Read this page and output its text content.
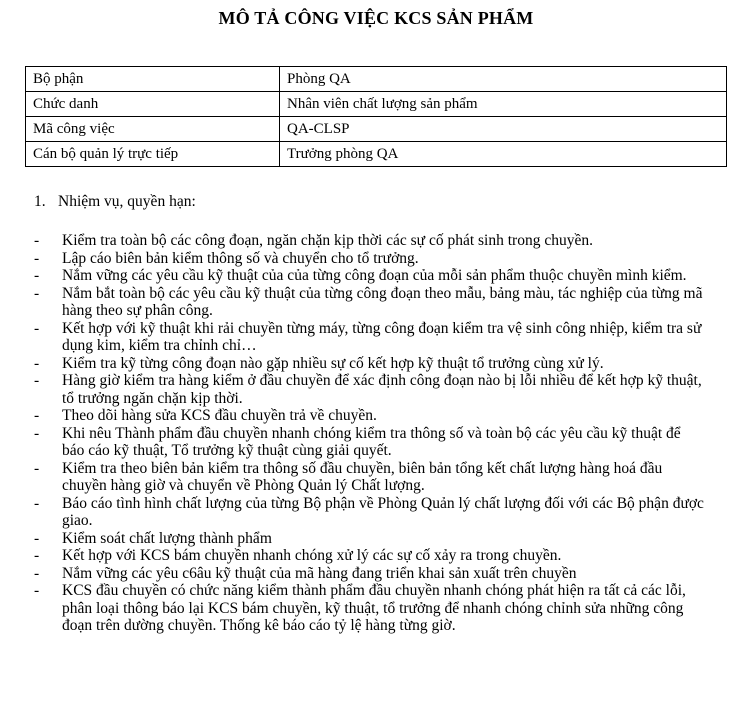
MÔ TẢ CÔNG VIỆC KCS SẢN PHẨM
Bộ phận	Phòng QA
Chức danh	Nhân viên chất lượng sản phẩm
Mã công việc	QA-CLSP
Cán bộ quản lý trực tiếp	Trưởng phòng QA
1. Nhiệm vụ, quyền hạn:
- Kiểm tra toàn bộ các công đoạn, ngăn chặn kịp thời các sự cố phát sinh trong chuyền.
- Lập cáo biên bản kiểm thông số và chuyển cho tổ trưởng.
- Nắm vững các yêu cầu kỹ thuật của của từng công đoạn của mỗi sản phẩm thuộc chuyền mình kiểm.
- Nắm bắt toàn bộ các yêu cầu kỹ thuật của từng công đoạn theo mẫu, bảng màu, tác nghiệp của từng mã hàng theo sự phân công.
- Kết hợp với kỹ thuật khi rải chuyền từng máy, từng công đoạn kiểm tra vệ sinh công nhiệp, kiểm tra sử dụng kim, kiểm tra chỉnh chỉ…
- Kiểm tra kỹ từng công đoạn nào gặp nhiều sự cố kết hợp kỹ thuật tổ trưởng cùng xử lý.
- Hàng giờ kiểm tra hàng kiểm ở đầu chuyền để xác định công đoạn nào bị lỗi nhiều để kết hợp kỹ thuật, tổ trưởng ngăn chặn kịp thời.
- Theo dõi hàng sửa KCS đầu chuyền trả về chuyền.
- Khi nêu Thành phẩm đầu chuyền nhanh chóng kiểm tra thông số và toàn bộ các yêu cầu kỹ thuật để báo cáo kỹ thuật, Tổ trưởng kỹ thuật cùng giải quyết.
- Kiểm tra theo biên bản kiểm tra thông số đầu chuyền, biên bản tổng kết chất lượng hàng hoá đầu chuyền hàng giờ và chuyển về Phòng Quản lý Chất lượng.
- Báo cáo tình hình chất lượng của từng Bộ phận về Phòng Quản lý chất lượng đối với các Bộ phận được giao.
- Kiểm soát chất lượng thành phẩm
- Kết hợp với KCS bám chuyền nhanh chóng xử lý các sự cố xảy ra trong chuyền.
- Nắm vững các yêu c6âu kỹ thuật của mã hàng đang triển khai sản xuất trên chuyền
- KCS đầu chuyền có chức năng kiểm thành phẩm đầu chuyền nhanh chóng phát hiện ra tất cả các lỗi, phân loại thông báo lại KCS bám chuyền, kỹ thuật, tổ trưởng để nhanh chóng chỉnh sửa những công đoạn trên dường chuyền. Thống kê báo cáo tỷ lệ hàng từng giờ.
